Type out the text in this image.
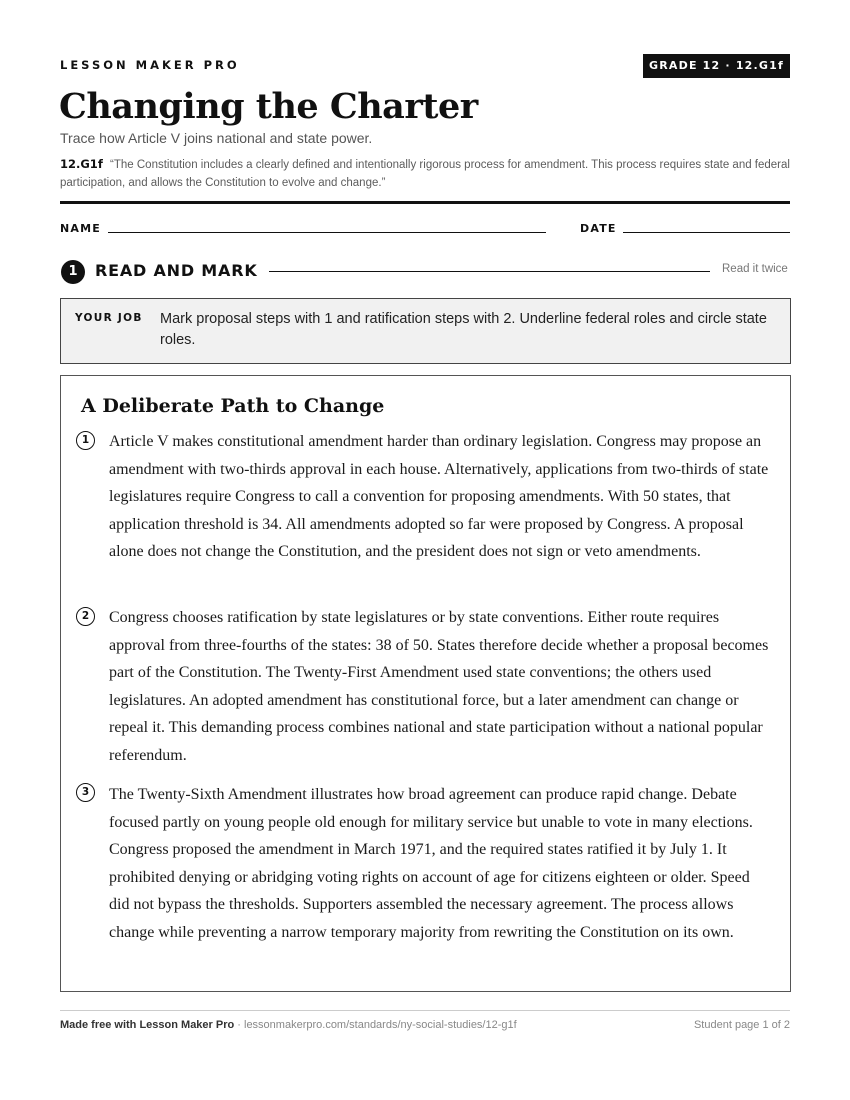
LESSON MAKER PRO	GRADE 12 · 12.G1f
Changing the Charter
Trace how Article V joins national and state power.
12.G1f “The Constitution includes a clearly defined and intentionally rigorous process for amendment. This process requires state and federal participation, and allows the Constitution to evolve and change.”
NAME	DATE
1	READ AND MARK	Read it twice
YOUR JOB Mark proposal steps with 1 and ratification steps with 2. Underline federal roles and circle state roles.
A Deliberate Path to Change
1	Article V makes constitutional amendment harder than ordinary legislation. Congress may propose an amendment with two-thirds approval in each house. Alternatively, applications from two-thirds of state legislatures require Congress to call a convention for proposing amendments. With 50 states, that application threshold is 34. All amendments adopted so far were proposed by Congress. A proposal alone does not change the Constitution, and the president does not sign or veto amendments.
2	Congress chooses ratification by state legislatures or by state conventions. Either route requires approval from three-fourths of the states: 38 of 50. States therefore decide whether a proposal becomes part of the Constitution. The Twenty-First Amendment used state conventions; the others used legislatures. An adopted amendment has constitutional force, but a later amendment can change or repeal it. This demanding process combines national and state participation without a national popular referendum.
3	The Twenty-Sixth Amendment illustrates how broad agreement can produce rapid change. Debate focused partly on young people old enough for military service but unable to vote in many elections. Congress proposed the amendment in March 1971, and the required states ratified it by July 1. It prohibited denying or abridging voting rights on account of age for citizens eighteen or older. Speed did not bypass the thresholds. Supporters assembled the necessary agreement. The process allows change while preventing a narrow temporary majority from rewriting the Constitution on its own.
Made free with Lesson Maker Pro · lessonmakerpro.com/standards/ny-social-studies/12-g1f	Student page 1 of 2
